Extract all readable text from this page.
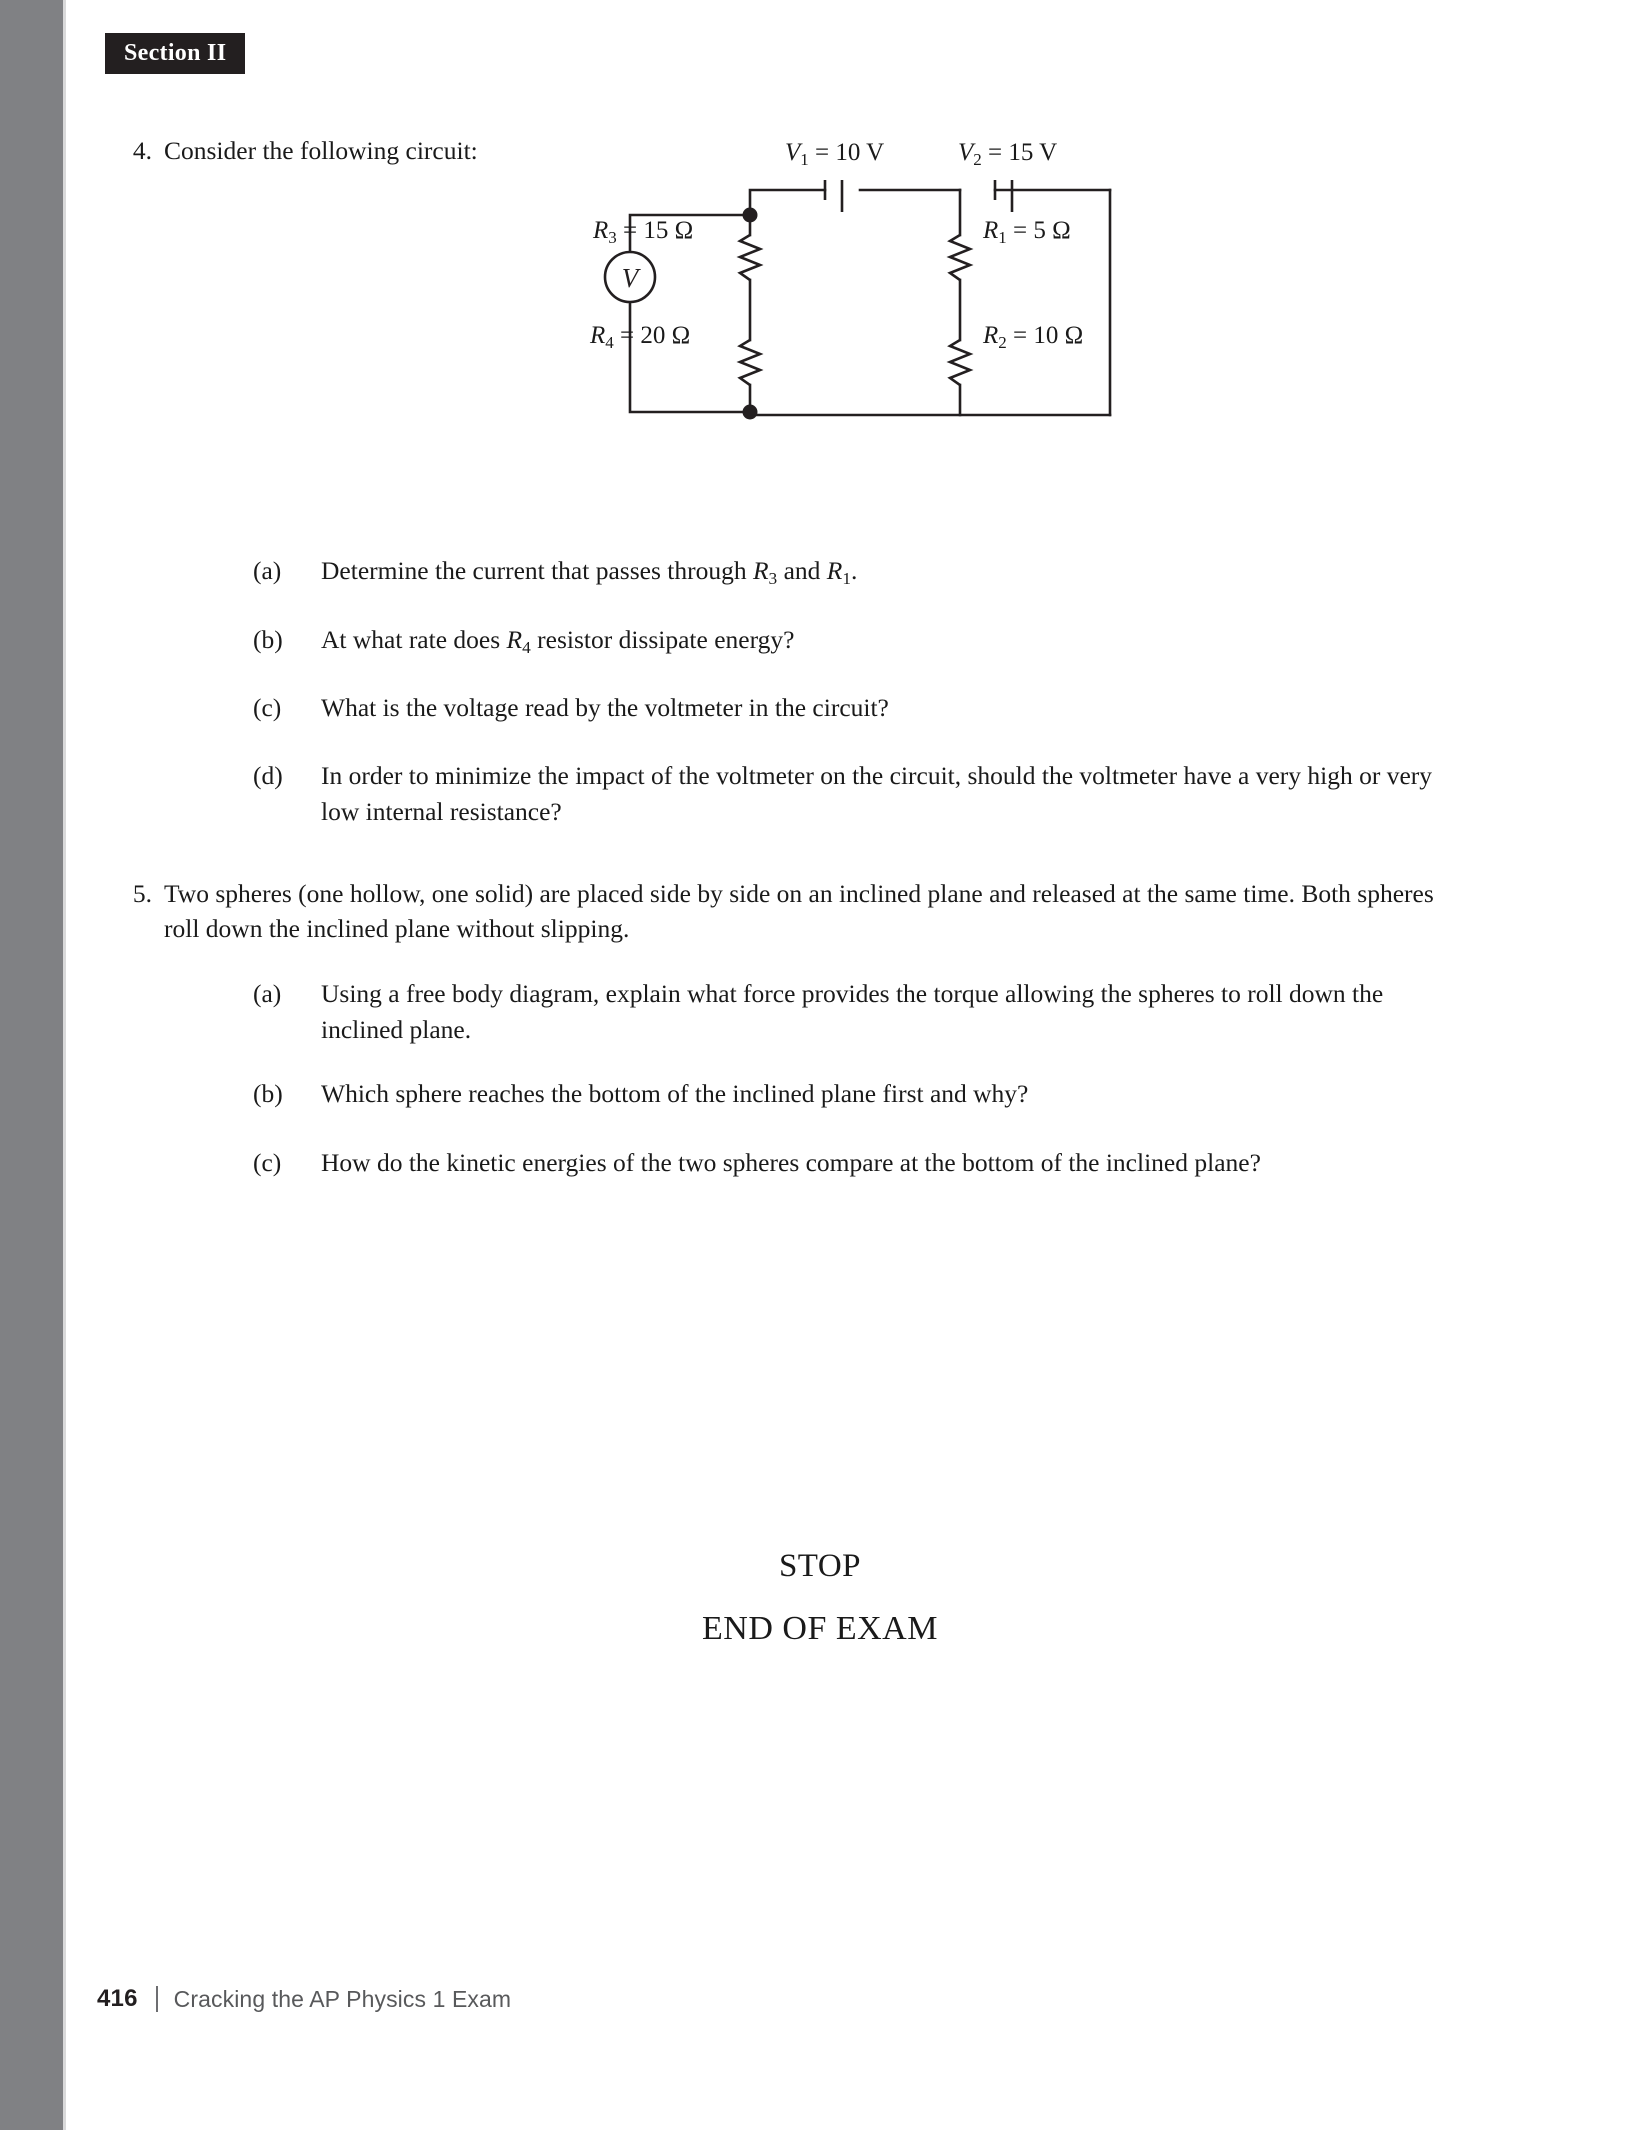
Section II
4. Consider the following circuit:
V
$R_3 = 15$ Ω
$R_4 = 20$ Ω
$R_1 = 5$ Ω
$R_2 = 10$ Ω
$V_1 = 10$ V	$V_2 = 15$ V
(a)	Determine the current that passes through $R_3$ and $R_1$.
(b)	At what rate does $R_4$ resistor dissipate energy?
(c)	What is the voltage read by the voltmeter in the circuit?
(d)	In order to minimize the impact of the voltmeter on the circuit, should the voltmeter have a very high or very low internal resistance?
5. Two spheres (one hollow, one solid) are placed side by side on an inclined plane and released at the same time. Both spheres roll down the inclined plane without slipping.
(a)	Using a free body diagram, explain what force provides the torque allowing the spheres to roll down the inclined plane.
(b)	Which sphere reaches the bottom of the inclined plane first and why?
(c)	How do the kinetic energies of the two spheres compare at the bottom of the inclined plane?
STOP
END OF EXAM
416 Cracking the AP Physics 1 Exam
